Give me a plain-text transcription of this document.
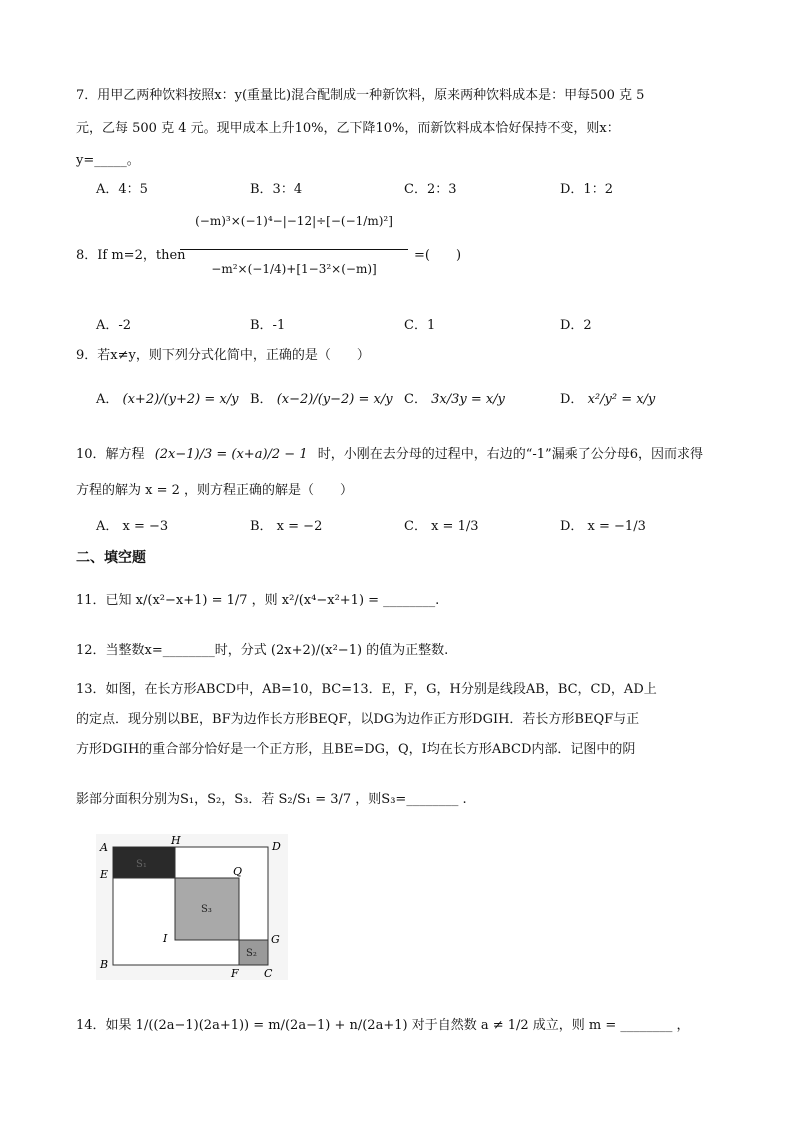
7．用甲乙两种饮料按照x：y(重量比)混合配制成一种新饮料，原来两种饮料成本是：甲每500 克 5
元，乙每 500 克 4 元。现甲成本上升10%，乙下降10%，而新饮料成本恰好保持不变，则x：
y=_____。
A．4：5	B．3：4	C．2：3	D．1：2
8．If m=2，then
(−m)³×(−1)⁴−|−12|÷[−(−1/m)²]
−m²×(−1/4)+[1−3²×(−m)]
=(　　)
A．-2	B．-1	C．1	D．2
9．若x≠y，则下列分式化简中，正确的是（　　）
A． (x+2)/(y+2) = x/y B． (x−2)/(y−2) = x/y C． 3x/3y = x/y	D． x²/y² = x/y
10．解方程 (2x−1)/3 = (x+a)/2 − 1 时，小刚在去分母的过程中，右边的“-1”漏乘了公分母6，因而求得
方程的解为 x = 2 ，则方程正确的解是（　　）
A． x = −3	B． x = −2	C． x = 1/3	D． x = −1/3
二、填空题
11．已知 x/(x²−x+1) = 1/7 ，则 x²/(x⁴−x²+1) = ________.
12．当整数x=________时，分式 (2x+2)/(x²−1) 的值为正整数.
13．如图，在长方形ABCD中，AB=10，BC=13．E，F，G，H分别是线段AB，BC，CD，AD上
的定点．现分别以BE，BF为边作长方形BEQF，以DG为边作正方形DGIH．若长方形BEQF与正
方形DGIH的重合部分恰好是一个正方形，且BE=DG，Q，I均在长方形ABCD内部．记图中的阴
影部分面积分别为S₁，S₂，S₃．若 S₂/S₁ = 3/7 ，则S₃=________ .
A
E
B
H	D
Q
I	G
F C
S₁
S₃
S₂
14．如果 1/((2a−1)(2a+1)) = m/(2a−1) + n/(2a+1) 对于自然数 a ≠ 1/2 成立，则 m = ________ ，
